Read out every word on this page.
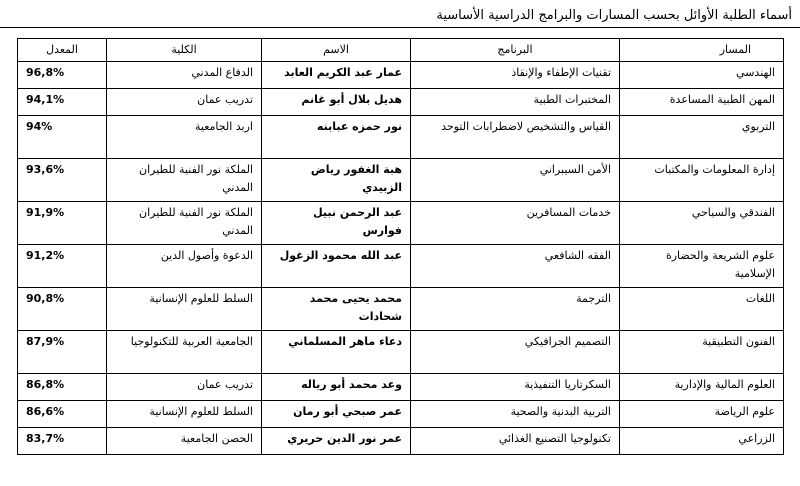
أسماء الطلبة الأوائل بحسب المسارات والبرامج الدراسية الأساسية
المسار	البرنامج	الاسم	الكلية	المعدل
الهندسي	تقنيات الإطفاء والإنقاذ	عمار عبد الكريم العابد	الدفاع المدني	96,8%
المهن الطبية المساعدة	المختبرات الطبية	هديل بلال أبو غانم	تدريب عمان	94,1%
التربوي	القياس والتشخيص لاضطرابات التوحد	نور حمزه عبابنه	اربد الجامعية	94%
إدارة المعلومات والمكتبات	الأمن السيبراني	هبة الغفور رياض الزبيدي	الملكة نور الفنية للطيران المدني	93,6%
الفندقي والسياحي	خدمات المسافرين	عبد الرحمن نبيل فوارس	الملكة نور الفنية للطيران المدني	91,9%
علوم الشريعة والحضارة الإسلامية	الفقه الشافعي	عبد الله محمود الزغول	الدعوة وأصول الدين	91,2%
اللغات	الترجمة	محمد يحيى محمد شحادات	السلط للعلوم الإنسانية	90,8%
الفنون التطبيقية	التصميم الجرافيكي	دعاء ماهر المسلماني	الجامعية العربية للتكنولوجيا	87,9%
العلوم المالية والإدارية	السكرتاريا التنفيذية	وعد محمد أبو رياله	تدريب عمان	86,8%
علوم الرياضة	التربية البدنية والصحية	عمر صبحي أبو رمان	السلط للعلوم الإنسانية	86,6%
الزراعي	تكنولوجيا التصنيع الغذائي	عمر نور الدين حريري	الحصن الجامعية	83,7%
